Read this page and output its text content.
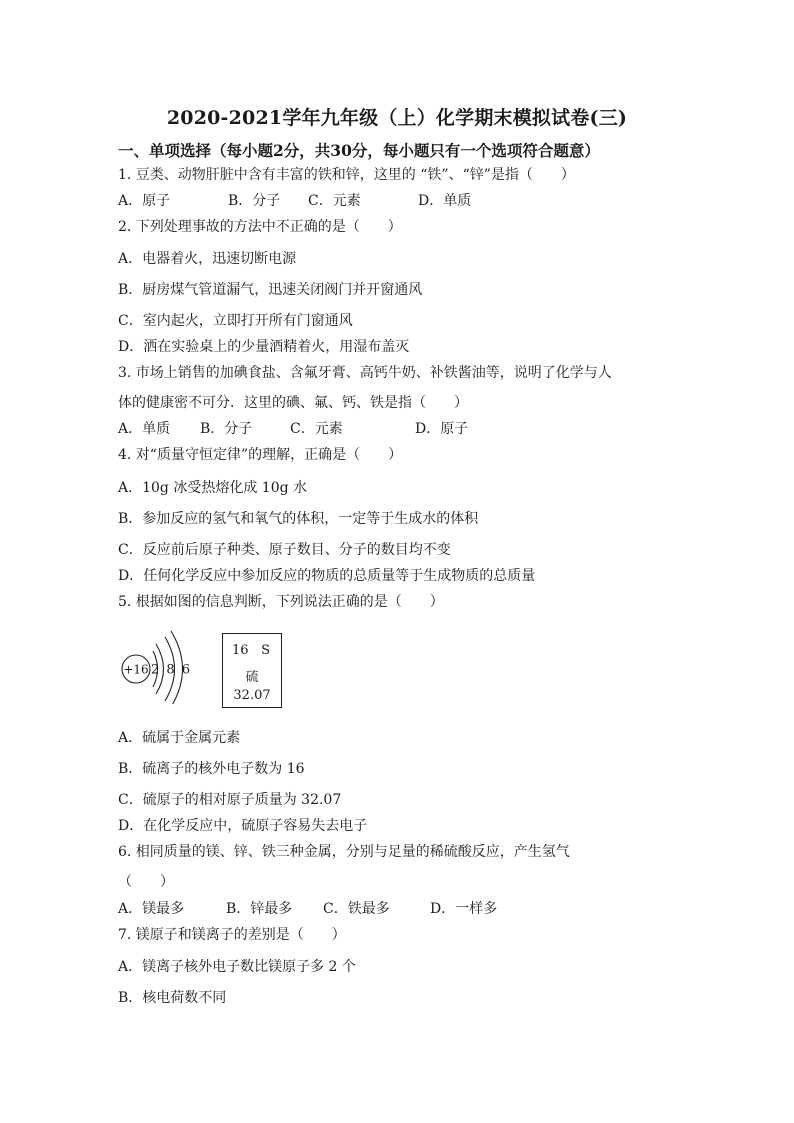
2020-2021学年九年级（上）化学期末模拟试卷(三)
一、单项选择（每小题2分，共30分，每小题只有一个选项符合题意）
1. 豆类、动物肝脏中含有丰富的铁和锌，这里的 “铁”、“锌”是指（　　）
A．原子	B．分子 C．元素	D．单质
2. 下列处理事故的方法中不正确的是（　　）
A．电器着火，迅速切断电源
B．厨房煤气管道漏气，迅速关闭阀门并开窗通风
C．室内起火，立即打开所有门窗通风
D．洒在实验桌上的少量酒精着火，用湿布盖灭
3. 市场上销售的加碘食盐、含氟牙膏、高钙牛奶、补铁酱油等，说明了化学与人
体的健康密不可分．这里的碘、氟、钙、铁是指（　　）
A．单质 B．分子	C．元素	D．原子
4. 对“质量守恒定律”的理解，正确是（　　）
A．10g 冰受热熔化成 10g 水
B．参加反应的氢气和氧气的体积，一定等于生成水的体积
C．反应前后原子种类、原子数目、分子的数目均不变
D．任何化学反应中参加反应的物质的总质量等于生成物质的总质量
5. 根据如图的信息判断，下列说法正确的是（　　）
+16 2 8 6
16 S
硫
32.07
A．硫属于金属元素
B．硫离子的核外电子数为 16
C．硫原子的相对原子质量为 32.07
D．在化学反应中，硫原子容易失去电子
6. 相同质量的镁、锌、铁三种金属，分别与足量的稀硫酸反应，产生氢气
（　　）
A．镁最多	B．锌最多 C．铁最多	D．一样多
7. 镁原子和镁离子的差别是（　　）
A．镁离子核外电子数比镁原子多 2 个
B．核电荷数不同
